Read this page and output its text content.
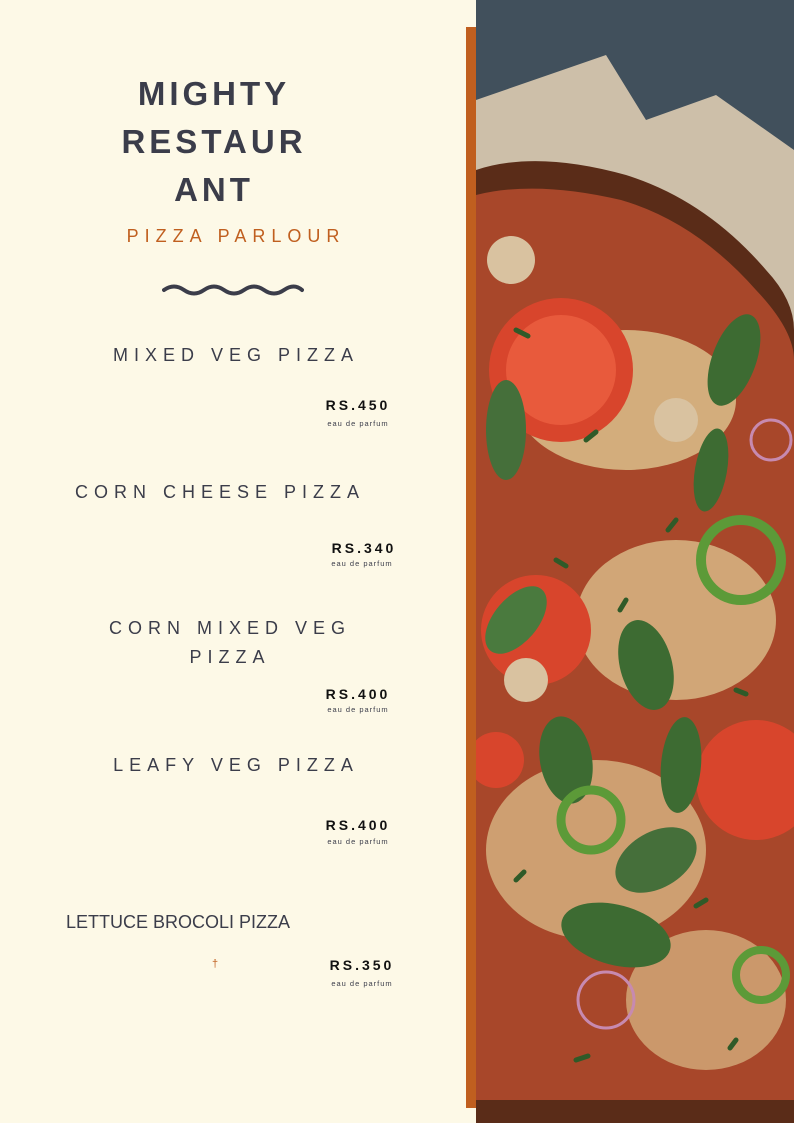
MIGHTY
RESTAUR
ANT
PIZZA PARLOUR
MIXED VEG PIZZA
RS.450
eau de parfum
CORN CHEESE PIZZA
RS.340
eau de parfum
CORN MIXED VEG
PIZZA
RS.400
eau de parfum
LEAFY VEG PIZZA
RS.400
eau de parfum
LETTUCE BROCOLI PIZZA
†	RS.350
eau de parfum
